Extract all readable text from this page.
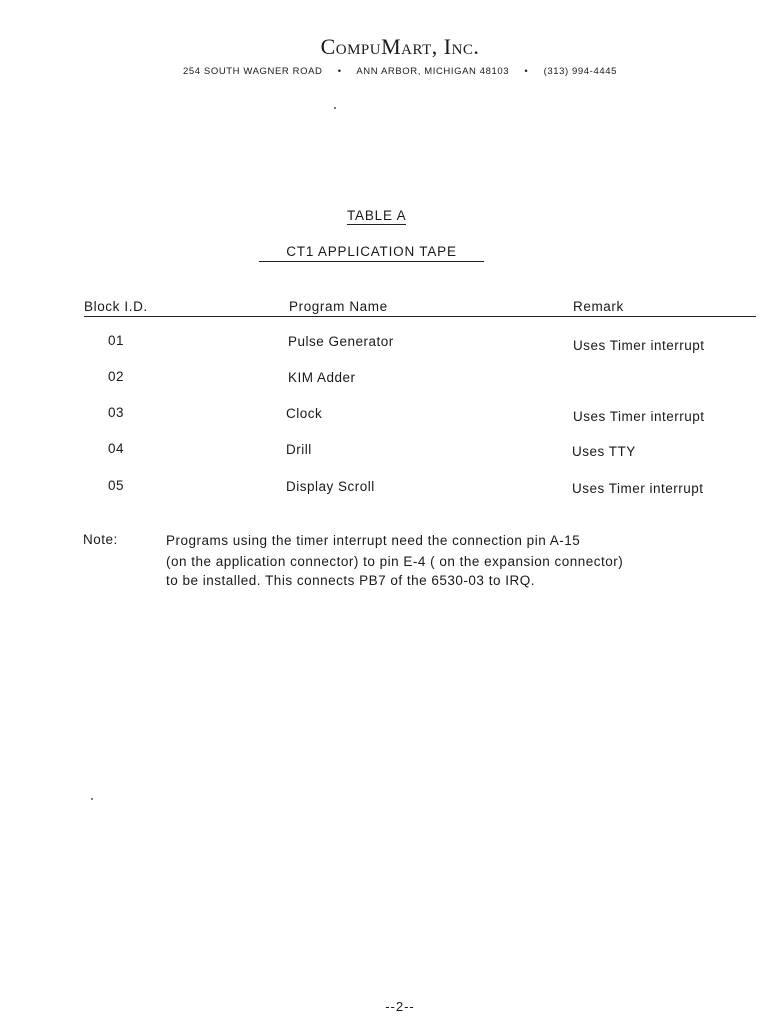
CompuMart, Inc.
254 SOUTH WAGNER ROAD • ANN ARBOR, MICHIGAN 48103 • (313) 994-4445
TABLE A
CT1 APPLICATION TAPE
Block I.D.	Program Name	Remark
01	Pulse Generator	Uses Timer interrupt
02	KIM Adder
03	Clock	Uses Timer interrupt
04	Drill	Uses TTY
05	Display Scroll	Uses Timer interrupt
Note:	Programs using the timer interrupt need the connection pin A-15
(on the application connector) to pin E-4 ( on the expansion connector)
to be installed. This connects PB7 of the 6530-03 to IRQ.
--2--
